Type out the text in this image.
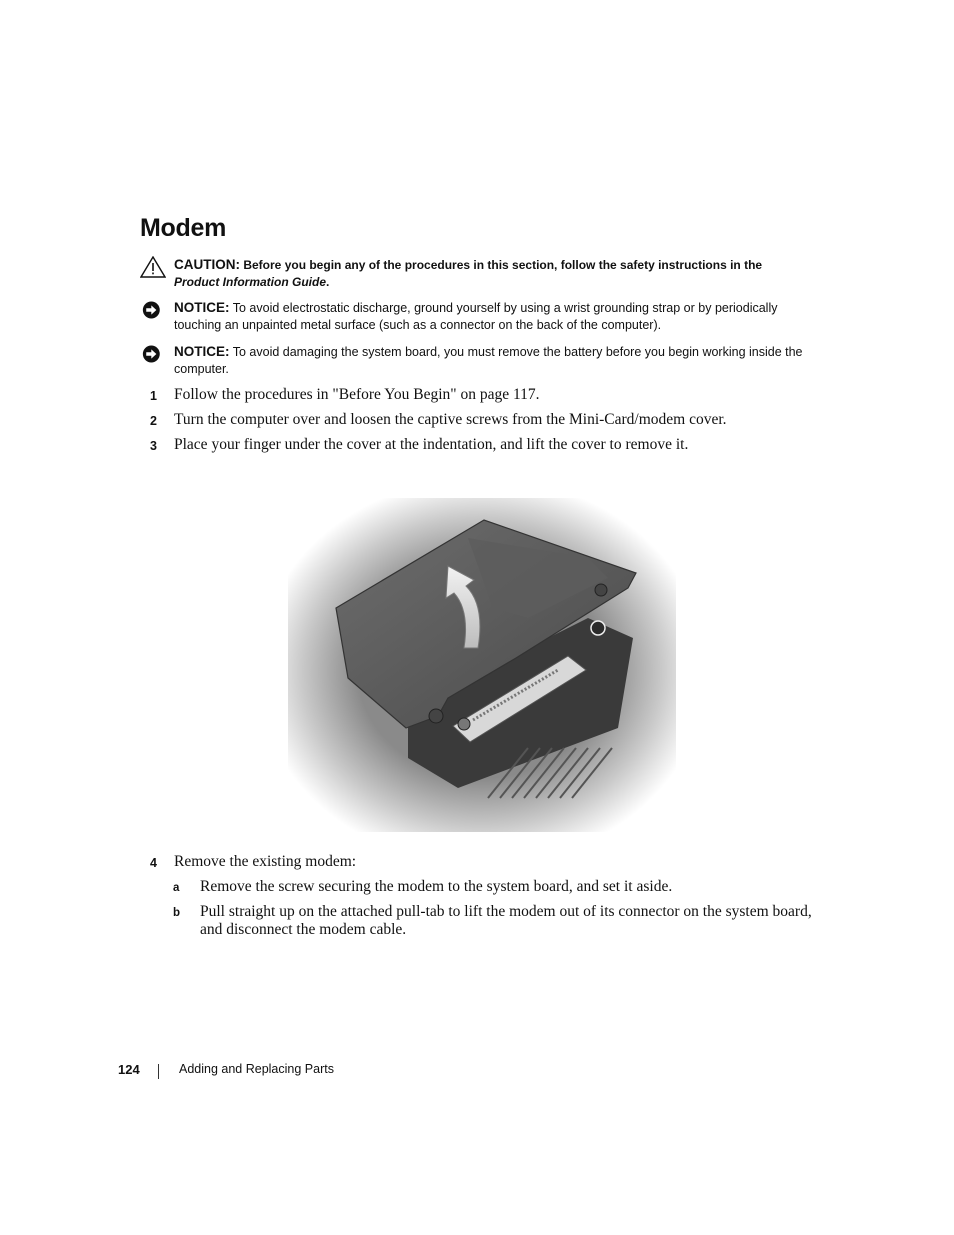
Modem
CAUTION: Before you begin any of the procedures in this section, follow the safety instructions in the Product Information Guide.
NOTICE: To avoid electrostatic discharge, ground yourself by using a wrist grounding strap or by periodically touching an unpainted metal surface (such as a connector on the back of the computer).
NOTICE: To avoid damaging the system board, you must remove the battery before you begin working inside the computer.
1 Follow the procedures in "Before You Begin" on page 117.
2 Turn the computer over and loosen the captive screws from the Mini-Card/modem cover.
3 Place your finger under the cover at the indentation, and lift the cover to remove it.
4 Remove the existing modem:
a Remove the screw securing the modem to the system board, and set it aside.
b Pull straight up on the attached pull-tab to lift the modem out of its connector on the system board, and disconnect the modem cable.
124	Adding and Replacing Parts
